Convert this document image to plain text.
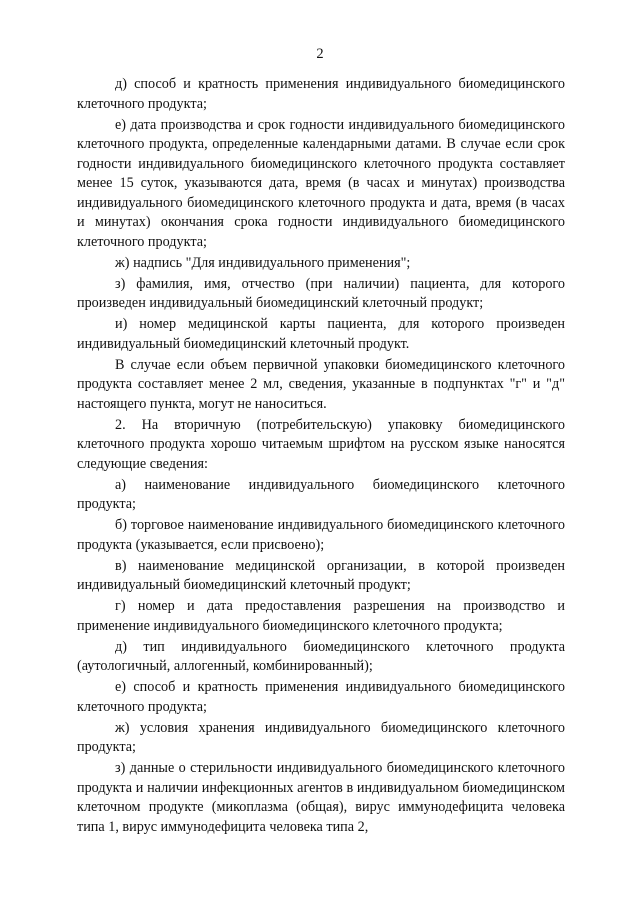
2

д) способ и кратность применения индивидуального биомедицинского клеточного продукта;

е) дата производства и срок годности индивидуального биомедицинского клеточного продукта, определенные календарными датами. В случае если срок годности индивидуального биомедицинского клеточного продукта составляет менее 15 суток, указываются дата, время (в часах и минутах) производства индивидуального биомедицинского клеточного продукта и дата, время (в часах и минутах) окончания срока годности индивидуального биомедицинского клеточного продукта;

ж) надпись "Для индивидуального применения";

з) фамилия, имя, отчество (при наличии) пациента, для которого произведен индивидуальный биомедицинский клеточный продукт;

и) номер медицинской карты пациента, для которого произведен индивидуальный биомедицинский клеточный продукт.

В случае если объем первичной упаковки биомедицинского клеточного продукта составляет менее 2 мл, сведения, указанные в подпунктах "г" и "д" настоящего пункта, могут не наноситься.

2. На вторичную (потребительскую) упаковку биомедицинского клеточного продукта хорошо читаемым шрифтом на русском языке наносятся следующие сведения:

а) наименование индивидуального биомедицинского клеточного продукта;

б) торговое наименование индивидуального биомедицинского клеточного продукта (указывается, если присвоено);

в) наименование медицинской организации, в которой произведен индивидуальный биомедицинский клеточный продукт;

г) номер и дата предоставления разрешения на производство и применение индивидуального биомедицинского клеточного продукта;

д) тип индивидуального биомедицинского клеточного продукта (аутологичный, аллогенный, комбинированный);

е) способ и кратность применения индивидуального биомедицинского клеточного продукта;

ж) условия хранения индивидуального биомедицинского клеточного продукта;

з) данные о стерильности индивидуального биомедицинского клеточного продукта и наличии инфекционных агентов в индивидуальном биомедицинском клеточном продукте (микоплазма (общая), вирус иммунодефицита человека типа 1, вирус иммунодефицита человека типа 2,
